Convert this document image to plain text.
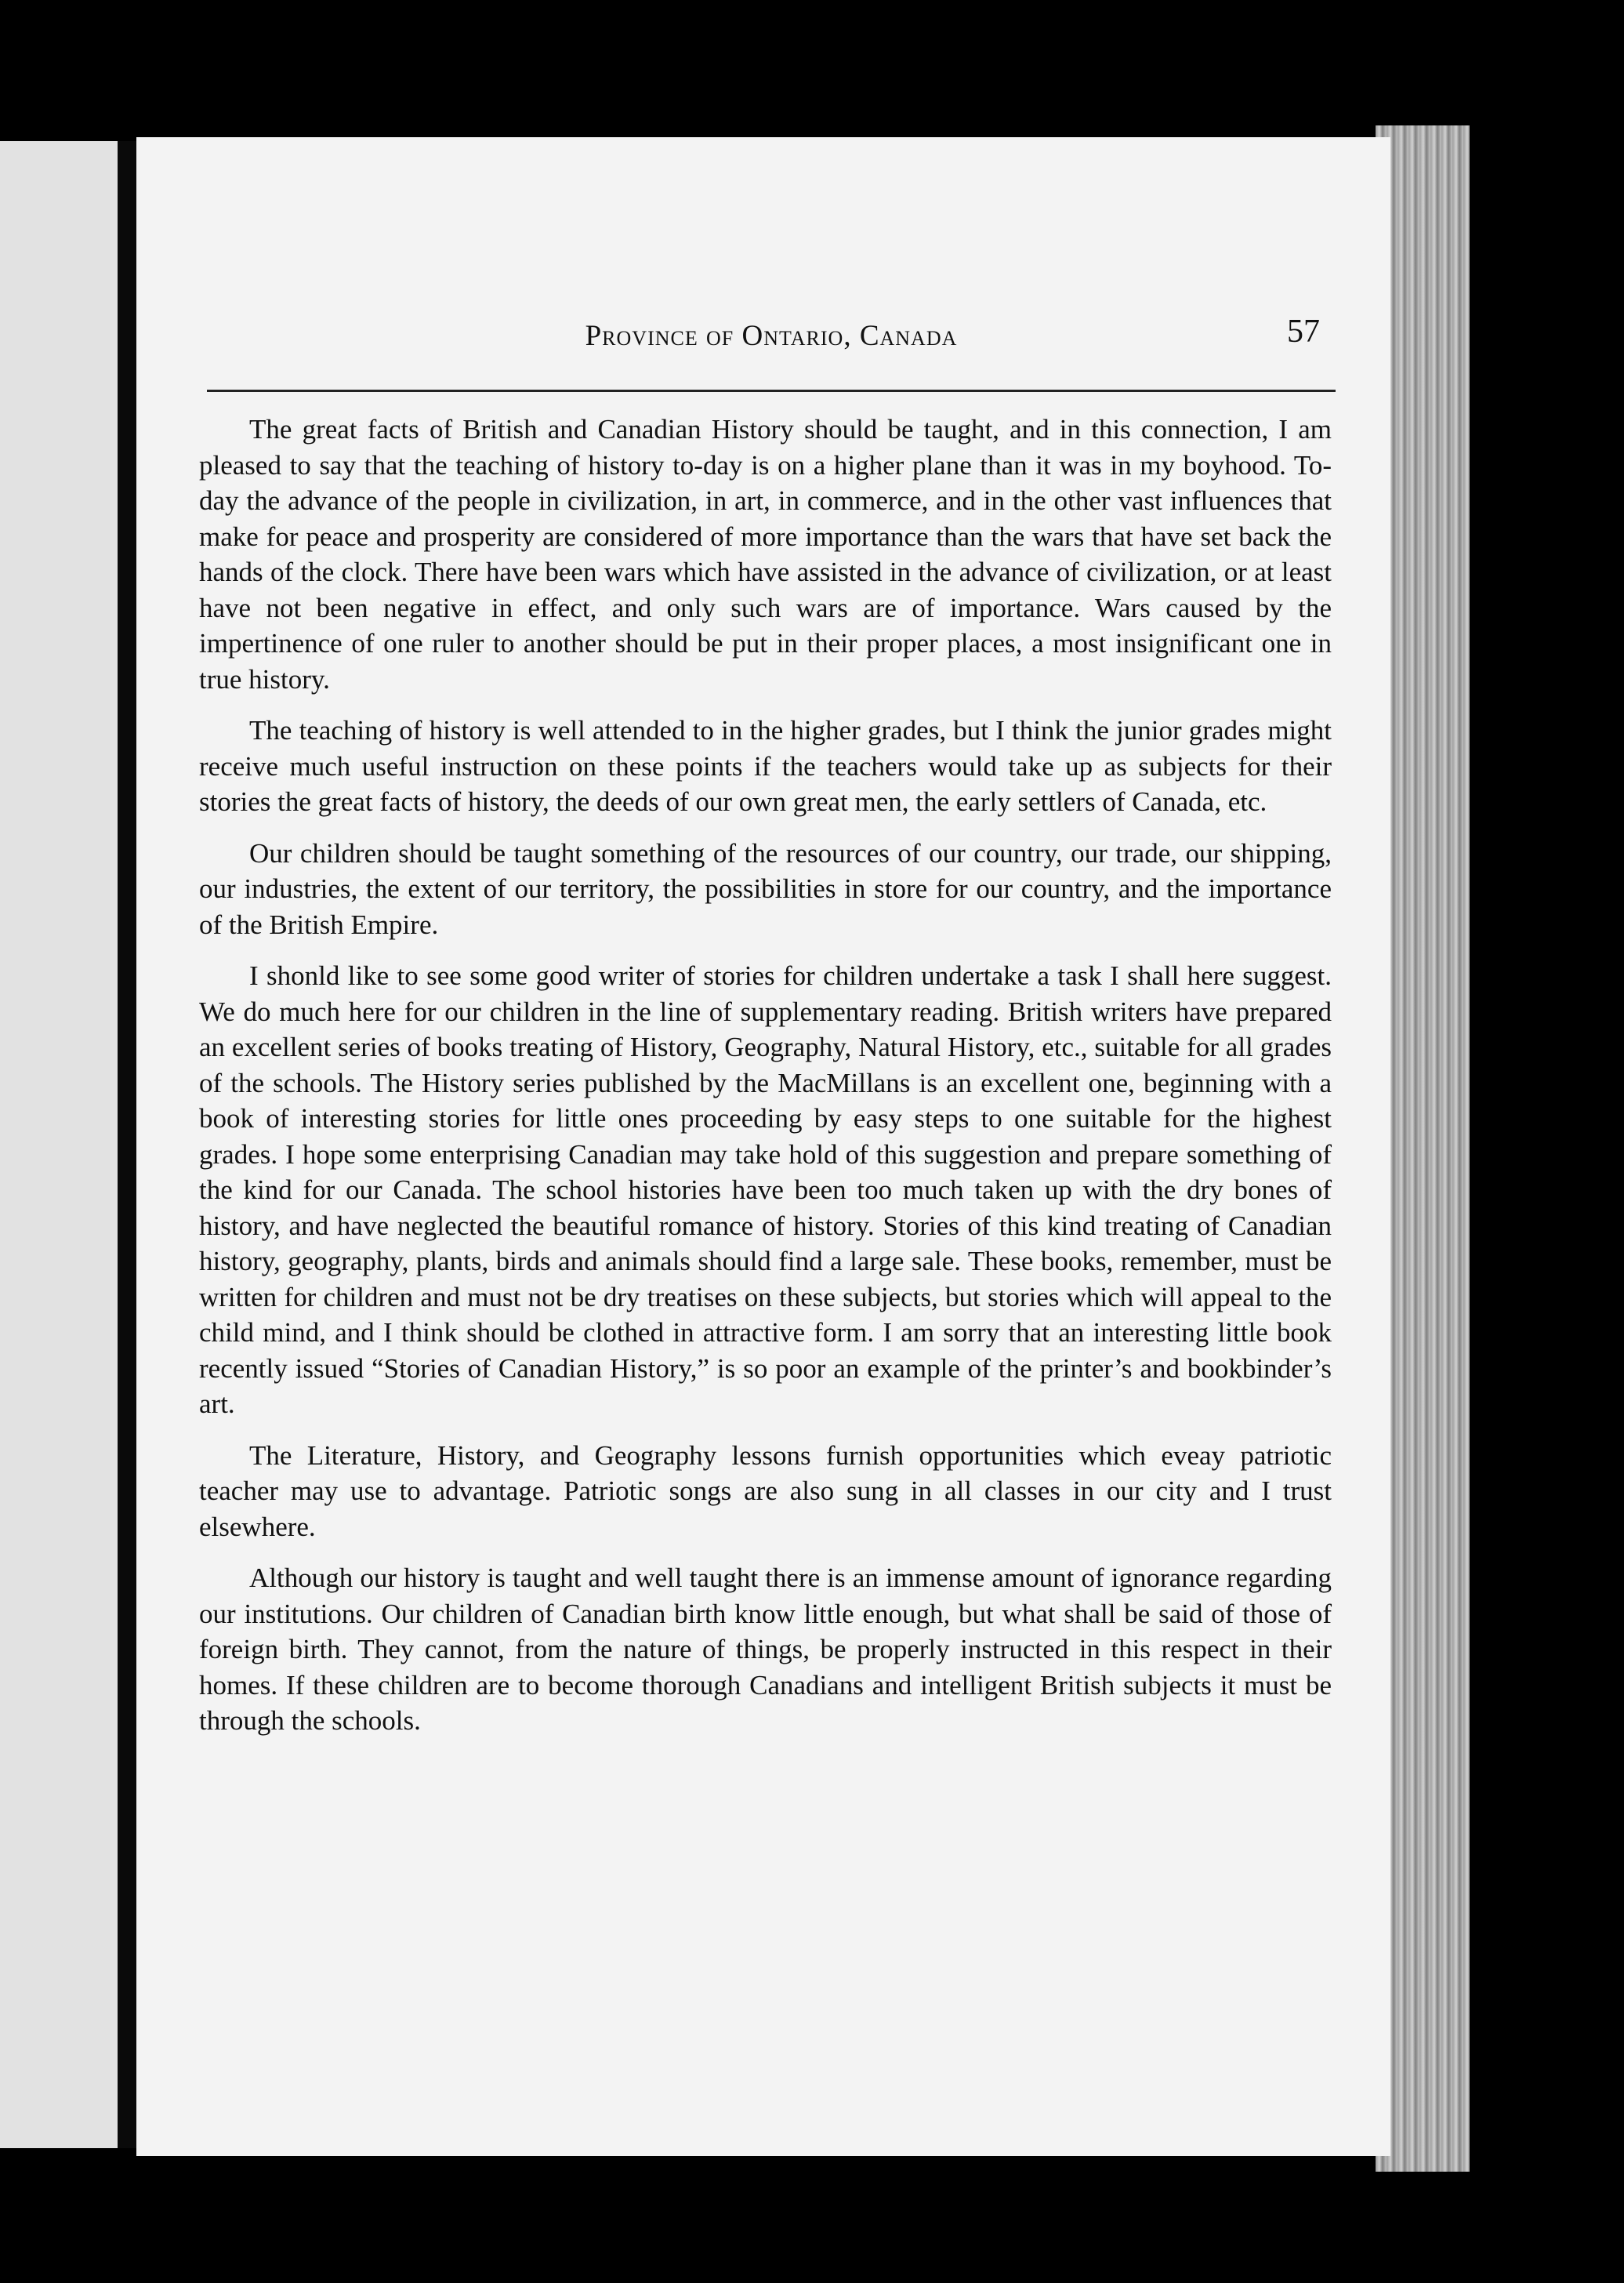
Province of Ontario, Canada	57

The great facts of British and Canadian History should be taught, and in this connection, I am pleased to say that the teaching of history to-day is on a higher plane than it was in my boyhood. To-day the advance of the people in civilization, in art, in commerce, and in the other vast influences that make for peace and prosperity are considered of more importance than the wars that have set back the hands of the clock. There have been wars which have assisted in the advance of civilization, or at least have not been negative in effect, and only such wars are of importance. Wars caused by the impertinence of one ruler to another should be put in their proper places, a most insignificant one in true history.

The teaching of history is well attended to in the higher grades, but I think the junior grades might receive much useful instruction on these points if the teachers would take up as subjects for their stories the great facts of history, the deeds of our own great men, the early settlers of Canada, etc.

Our children should be taught something of the resources of our country, our trade, our shipping, our industries, the extent of our territory, the possibilities in store for our country, and the importance of the British Empire.

I shonld like to see some good writer of stories for children undertake a task I shall here suggest. We do much here for our children in the line of supplementary reading. British writers have prepared an excellent series of books treating of History, Geography, Natural History, etc., suitable for all grades of the schools. The History series published by the MacMillans is an excellent one, beginning with a book of interesting stories for little ones proceeding by easy steps to one suitable for the highest grades. I hope some enterprising Canadian may take hold of this suggestion and prepare something of the kind for our Canada. The school histories have been too much taken up with the dry bones of history, and have neglected the beautiful romance of history. Stories of this kind treating of Canadian history, geography, plants, birds and animals should find a large sale. These books, remember, must be written for children and must not be dry treatises on these subjects, but stories which will appeal to the child mind, and I think should be clothed in attractive form. I am sorry that an interesting little book recently issued “Stories of Canadian History,” is so poor an example of the printer’s and bookbinder’s art.

The Literature, History, and Geography lessons furnish opportunities which eveay patriotic teacher may use to advantage. Patriotic songs are also sung in all classes in our city and I trust elsewhere.

Although our history is taught and well taught there is an immense amount of ignorance regarding our institutions. Our children of Canadian birth know little enough, but what shall be said of those of foreign birth. They cannot, from the nature of things, be properly instructed in this respect in their homes. If these children are to become thorough Canadians and intelligent British subjects it must be through the schools.
